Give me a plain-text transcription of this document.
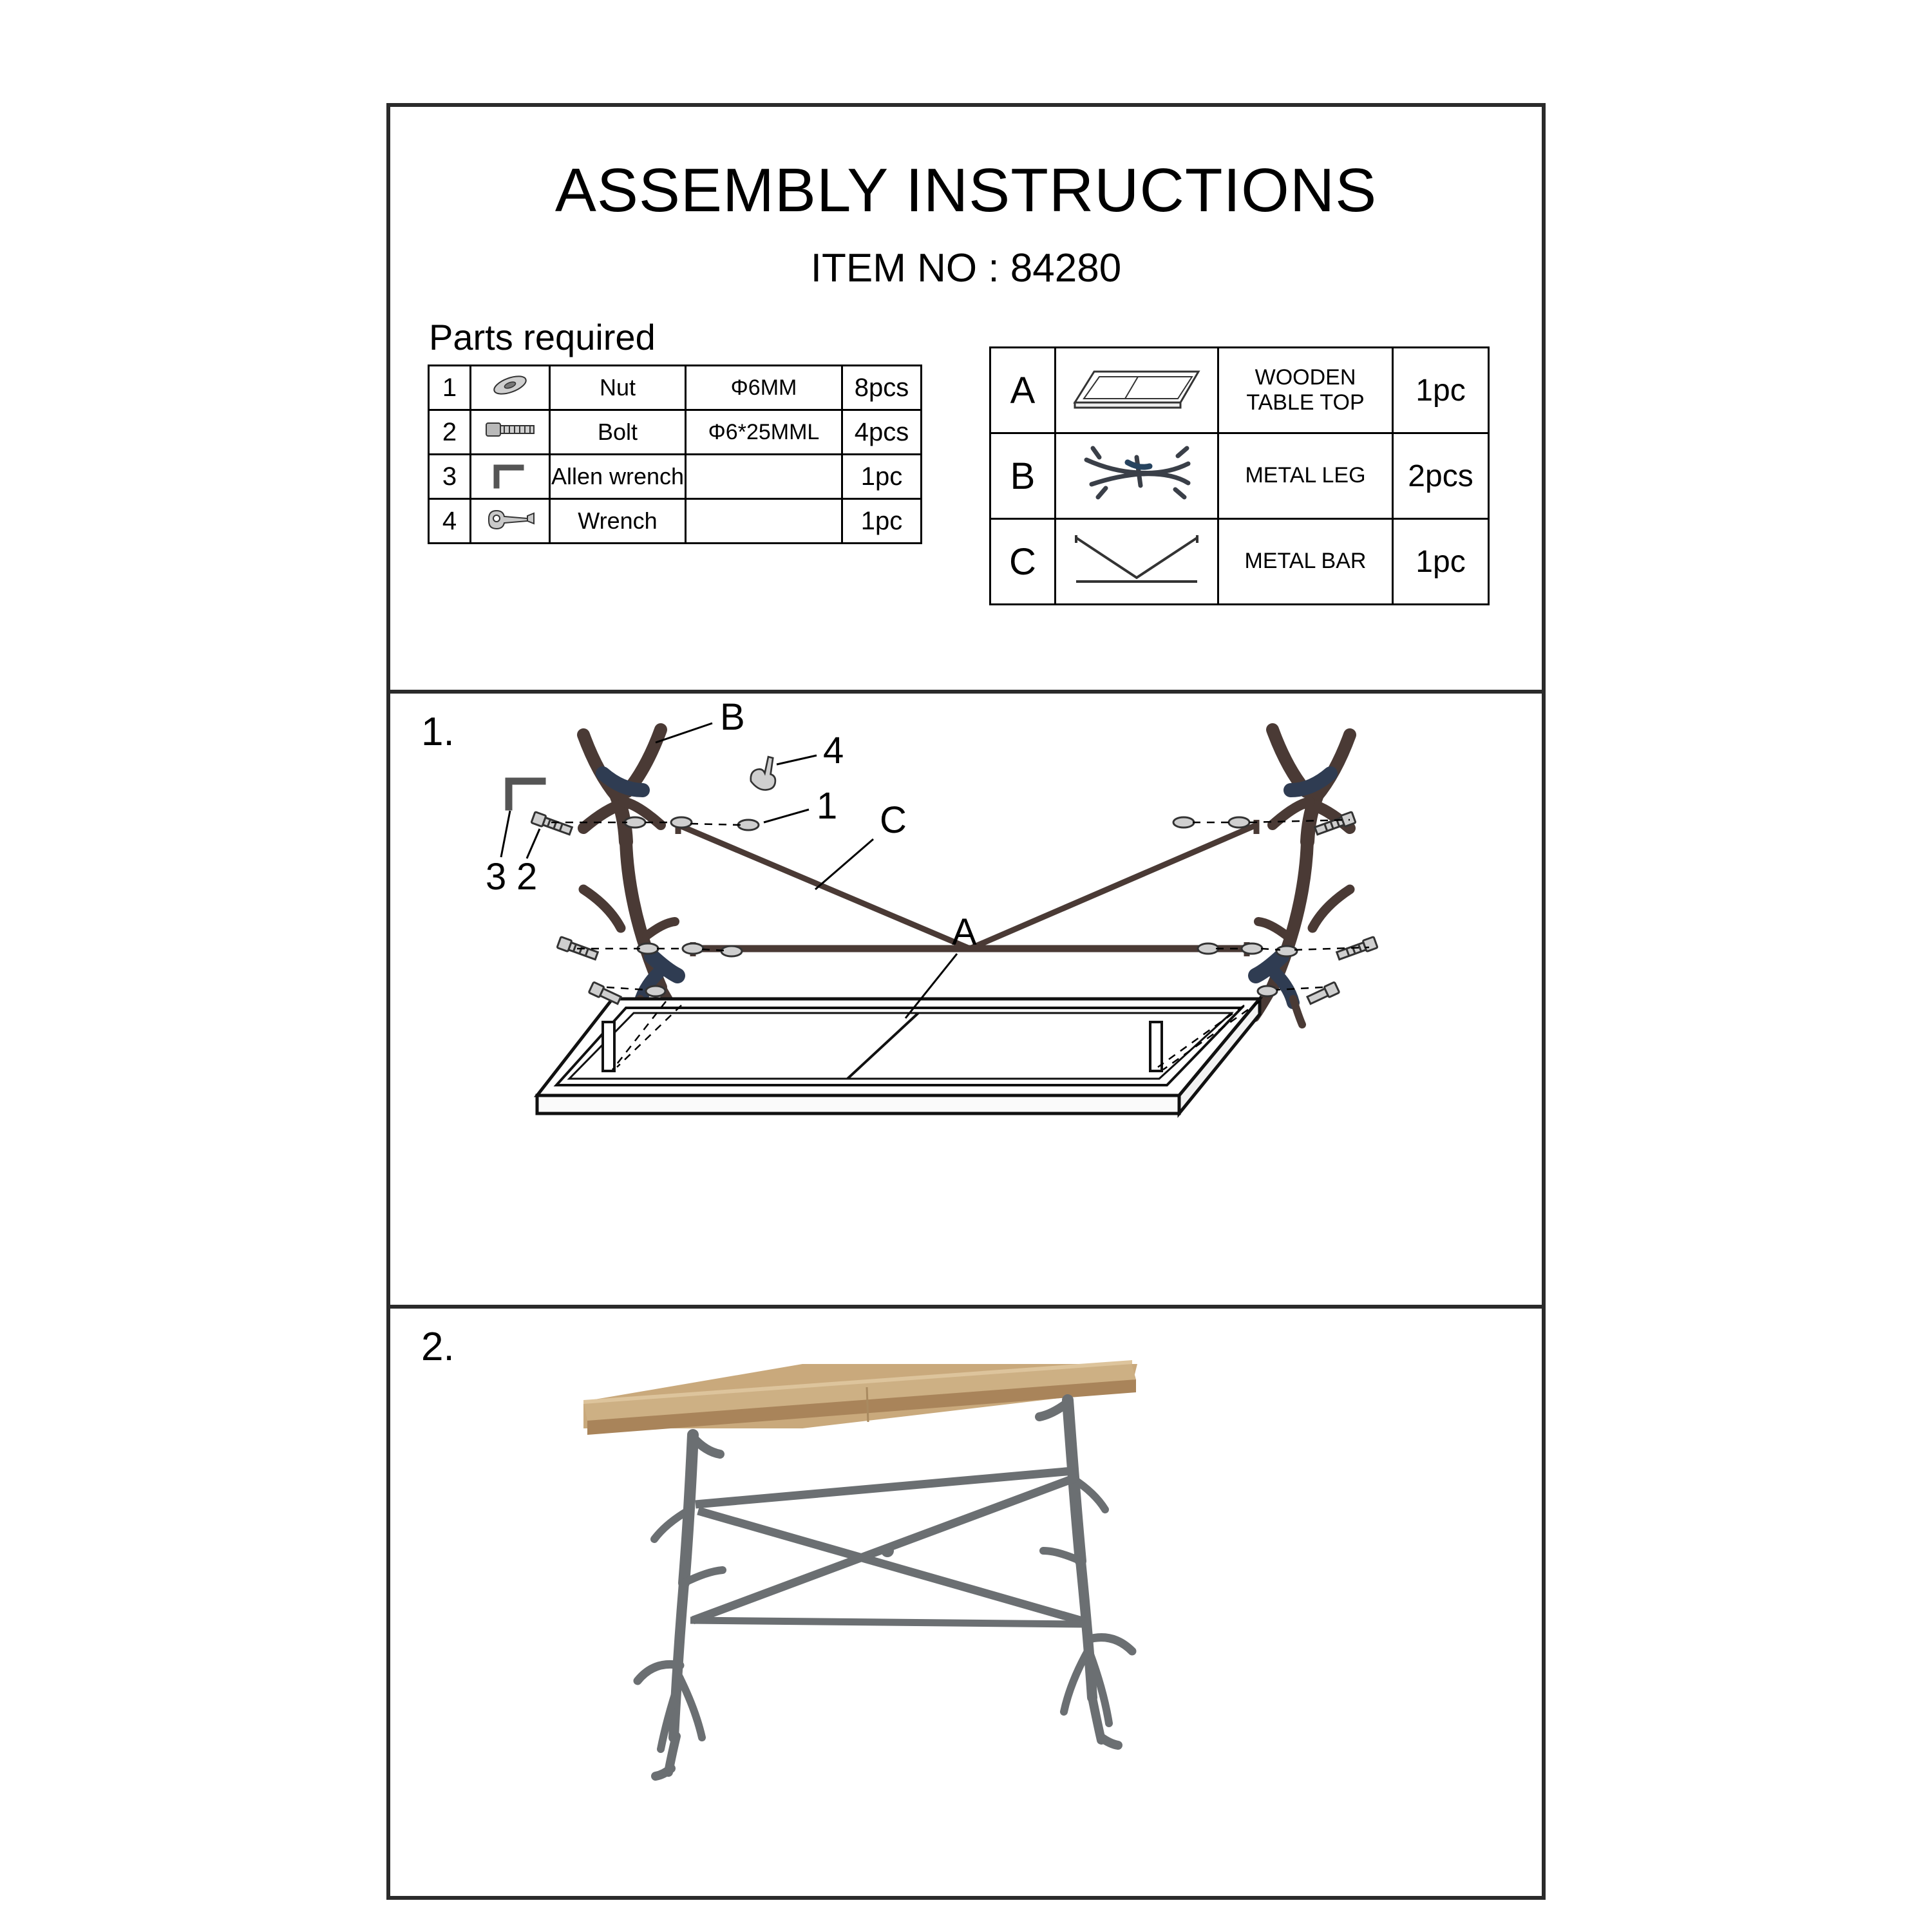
ASSEMBLY INSTRUCTIONS
ITEM NO : 84280
Parts required
1		Nut	Φ6MM	8pcs
2		Bolt	Φ6*25MML	4pcs
3		Allen wrench		1pc
4		Wrench		1pc
A		WOODEN TABLE TOP	1pc
B		METAL LEG	2pcs
C		METAL BAR	1pc
1.
2.
B
4
1 C
3 2
A
